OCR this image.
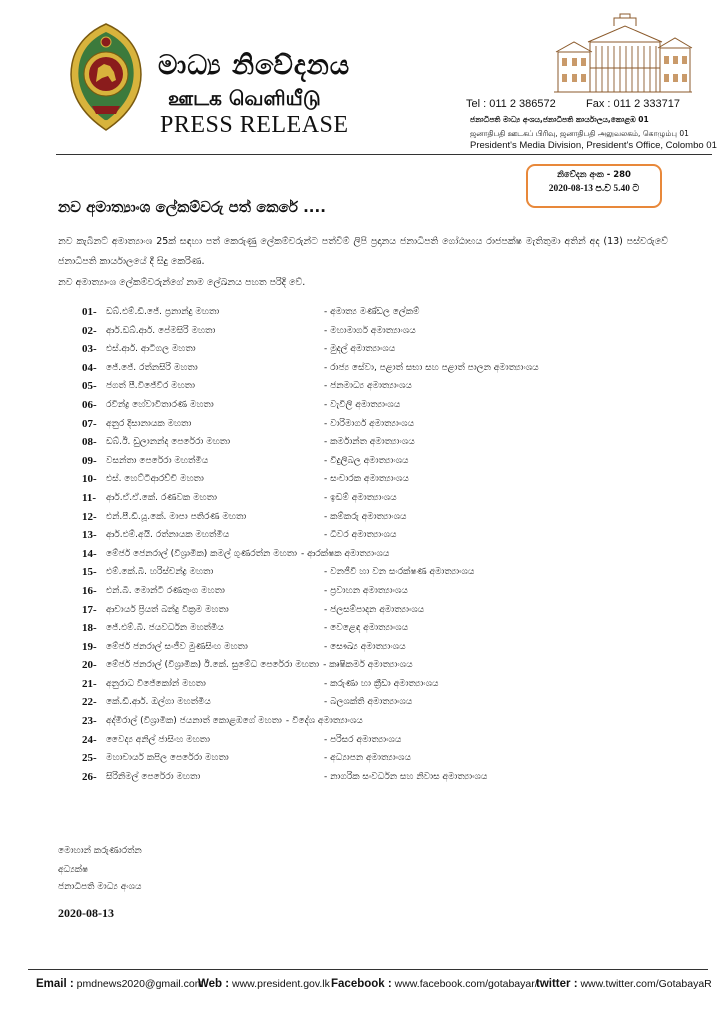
මාධ්‍ය නිවේදනය
ஊடக வெளியீடு
PRESS RELEASE
Tel : 011 2 386572	Fax : 011 2 333717
ජනාධිපති මාධ්‍ය අංශය,ජනාධිපති කාර්යාලය,කොළඹ 01
ஜனாதிபதி ஊடகப் பிரிவு, ஜனாதிபதி அலுவலகம், கொழும்பு 01
President's Media Division, President's Office, Colombo 01
නිවේදන අංක - 280
2020-08-13 ප.ව 5.40 ට
නව අමාත්‍යාංශ ලේකම්වරු පත් කෙරේ ....
නව කැබිනට් අමාත්‍යාංශ 25ක් සඳහා පත් කෙරුණු ලේකම්වරුන්ට පත්වීම් ලිපි ප්‍රදානය ජනාධිපති ගෝඨාභය රාජපක්ෂ මැතිතුමා අතින් අද (13) පස්වරුවේ ජනාධිපති කාර්යාලයේ දී සිදු කෙරිණ.
නව අමාත්‍යාංශ ලේකම්වරුන්ගේ නාම ලේඛනය පහත පරිදි වේ.
01- ඩබ්.එම්.ඩී.ජේ. ප්‍රනාන්දු මහතා	- අමාත්‍ය මණ්ඩල ලේකම්
02- ආර්.ඩබ්.ආර්. පේමසිරි මහතා	- මහාමාර්ග අමාත්‍යාංශය
03- එස්.ආර්. ආටිගල මහතා	- මුදල් අමාත්‍යාංශය
04- ජේ.ජේ. රත්නසිරි මහතා	- රාජ්‍ය සේවා, පළාත් සභා සහ පළාත් පාලන අමාත්‍යාංශය
05- ජගත් පී.විජේවීර මහතා	- ජනමාධ්‍ය අමාත්‍යාංශය
06- රවින්ද්‍ර හේවාවිතාරණ මහතා	- වැවිලි අමාත්‍යාංශය
07- අනුර දිසානායක මහතා	- වාරිමාර්ග අමාත්‍යාංශය
08- ඩබ්.ඊ. ඩුලානන්ද පෙරේරා මහතා	- කර්මාන්ත අමාත්‍යාංශය
09- වසන්තා පෙරේරා මහත්මිය	- විදුලිබල අමාත්‍යාංශය
10- එස්. හෙට්ටිආරච්චි මහතා	- සංචාරක අමාත්‍යාංශය
11- ආර්.ඒ.ඒ.කේ. රණවක මහතා	- ඉඩම් අමාත්‍යාංශය
12- එන්.පී.ඩී.යූ.කේ. මාපා පතිරණ මහතා	- කම්කරු අමාත්‍යාංශය
13- ආර්.එම්.අයි. රත්නායක මහත්මිය	- ධීවර අමාත්‍යාංශය
14- මේජර් ජෙනරාල් (විශ්‍රාමික) කමල් ගුණරත්න මහතා - ආරක්ෂක අමාත්‍යාංශය
15- එම්.කේ.බී. හරිස්චන්ද්‍ර මහතා	- වනජීවී හා වන සංරක්ෂණ අමාත්‍යාංශය
16- එන්.බී. මොන්ටි රණතුංග මහතා	- ප්‍රවාහන අමාත්‍යාංශය
17- ආචාර්ය ප්‍රියත් බන්දු වික්‍රම මහතා	- ජලසම්පාදන අමාත්‍යාංශය
18- ජේ.එම්.බී. ජයවර්ධන මහත්මිය	- වෙළෙඳ අමාත්‍යාංශය
19- මේජර් ජනරාල් සංජීව මුණසිංහ මහතා	- සෞඛ්‍ය අමාත්‍යාංශය
20- මේජර් ජනරාල් (විශ්‍රාමික) ඊ.කේ. සුමේධ පෙරේරා මහතා - කෘෂිකර්ම අමාත්‍යාංශය
21- අනුරාධ විජේකෝන් මහතා	- කරුණා හා ක්‍රීඩා අමාත්‍යාංශය
22- කේ.ඩී.ආර්. ඔල්ගා මහත්මිය	- බලශක්ති අමාත්‍යාංශය
23- අද්මිරාල් (විශ්‍රාමික) ජයනාත් කොළඹගේ මහතා - විදේශ අමාත්‍යාංශය
24- වෛද්‍ය අනිල් ජාසිංහ මහතා	- පරිසර අමාත්‍යාංශය
25- මහාචාර්ය කපිල පෙරේරා මහතා	- අධ්‍යාපන අමාත්‍යාංශය
26- සිරිනිමල් පෙරේරා මහතා	- නාගරික සංවර්ධන සහ නිවාස අමාත්‍යාංශය
මොහාන් කරුණාරත්න
අධ්‍යක්ෂ
ජනාධිපති මාධ්‍ය අංශය
2020-08-13
Email : pmdnews2020@gmail.com
Web : www.president.gov.lk Facebook : www.facebook.com/gotabayar/
twitter : www.twitter.com/GotabayaR
